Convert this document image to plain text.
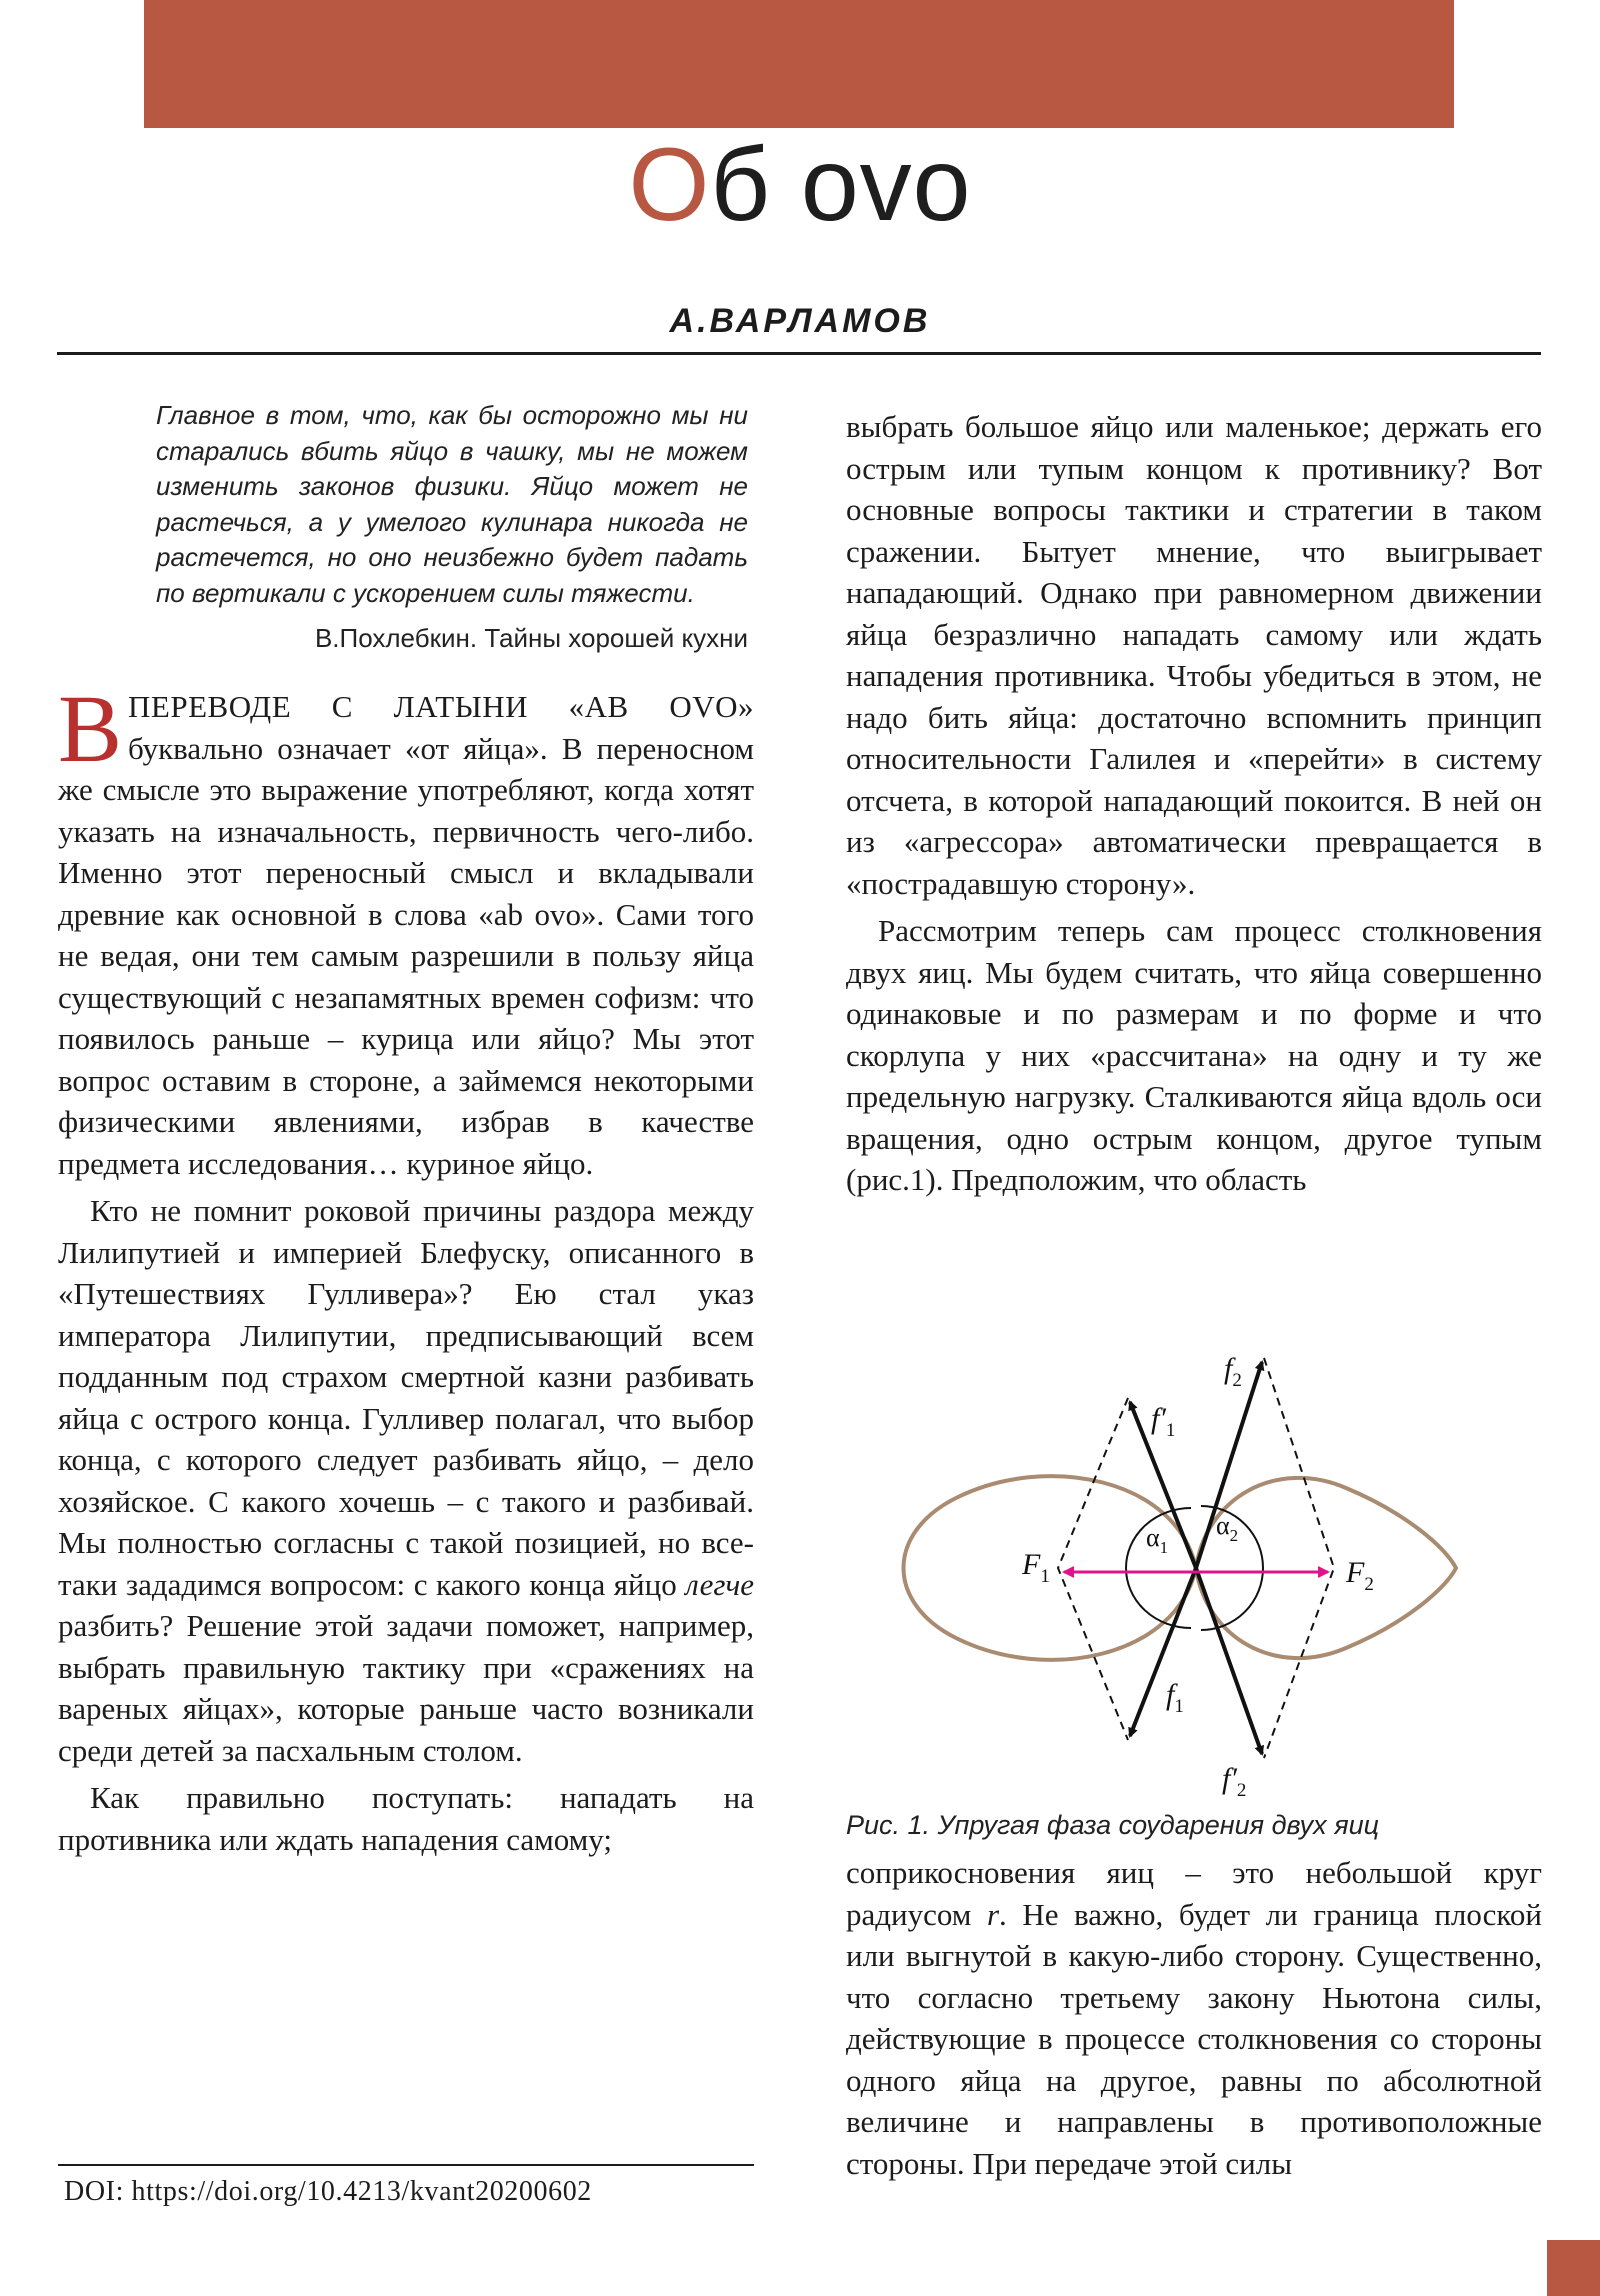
Об ovo
А.ВАРЛАМОВ
Главное в том, что, как бы осторожно мы ни старались вбить яйцо в чашку, мы не можем изменить законов физики. Яйцо может не растечься, а у умелого кулинара никогда не растечется, но оно неизбежно будет падать по вертикали с ускорением силы тяжести.
В.Похлебкин. Тайны хорошей кухни

ВПЕРЕВОДЕ С ЛАТЫНИ «AB OVO» буквально означает «от яйца». В переносном же смысле это выражение употребляют, когда хотят указать на изначальность, первичность чего-либо. Именно этот переносный смысл и вкладывали древние как основной в слова «ab ovo». Сами того не ведая, они тем самым разрешили в пользу яйца существующий с незапамятных времен софизм: что появилось раньше – курица или яйцо? Мы этот вопрос оставим в стороне, а займемся некоторыми физическими явлениями, избрав в качестве предмета исследования… куриное яйцо.

Кто не помнит роковой причины раздора между Лилипутией и империей Блефуску, описанного в «Путешествиях Гулливера»? Ею стал указ императора Лилипутии, предписывающий всем подданным под страхом смертной казни разбивать яйца с острого конца. Гулливер полагал, что выбор конца, с которого следует разбивать яйцо, – дело хозяйское. С какого хочешь – с такого и разбивай. Мы полностью согласны с такой позицией, но все-таки зададимся вопросом: с какого конца яйцо легче разбить? Решение этой задачи поможет, например, выбрать правильную тактику при «сражениях на вареных яйцах», которые раньше часто возникали среди детей за пасхальным столом.

Как правильно поступать: нападать на противника или ждать нападения самому;

DOI: https://doi.org/10.4213/kvant20200602

выбрать большое яйцо или маленькое; держать его острым или тупым концом к противнику? Вот основные вопросы тактики и стратегии в таком сражении. Бытует мнение, что выигрывает нападающий. Однако при равномерном движении яйца безразлично нападать самому или ждать нападения противника. Чтобы убедиться в этом, не надо бить яйца: достаточно вспомнить принцип относительности Галилея и «перейти» в систему отсчета, в которой нападающий покоится. В ней он из «агрессора» автоматически превращается в «пострадавшую сторону».

Рассмотрим теперь сам процесс столкновения двух яиц. Мы будем считать, что яйца совершенно одинаковые и по размерам и по форме и что скорлупа у них «рассчитана» на одну и ту же предельную нагрузку. Сталкиваются яйца вдоль оси вращения, одно острым концом, другое тупым (рис.1). Предположим, что область

$F_1$	$F_2$
$f'_1$
$f_2$
$f_1$
$f'_2$
$\alpha_1$
$\alpha_2$
Рис. 1. Упругая фаза соударения двух яиц

соприкосновения яиц – это небольшой круг радиусом r. Не важно, будет ли граница плоской или выгнутой в какую-либо сторону. Существенно, что согласно третьему закону Ньютона силы, действующие в процессе столкновения со стороны одного яйца на другое, равны по абсолютной величине и направлены в противоположные стороны. При передаче этой силы
